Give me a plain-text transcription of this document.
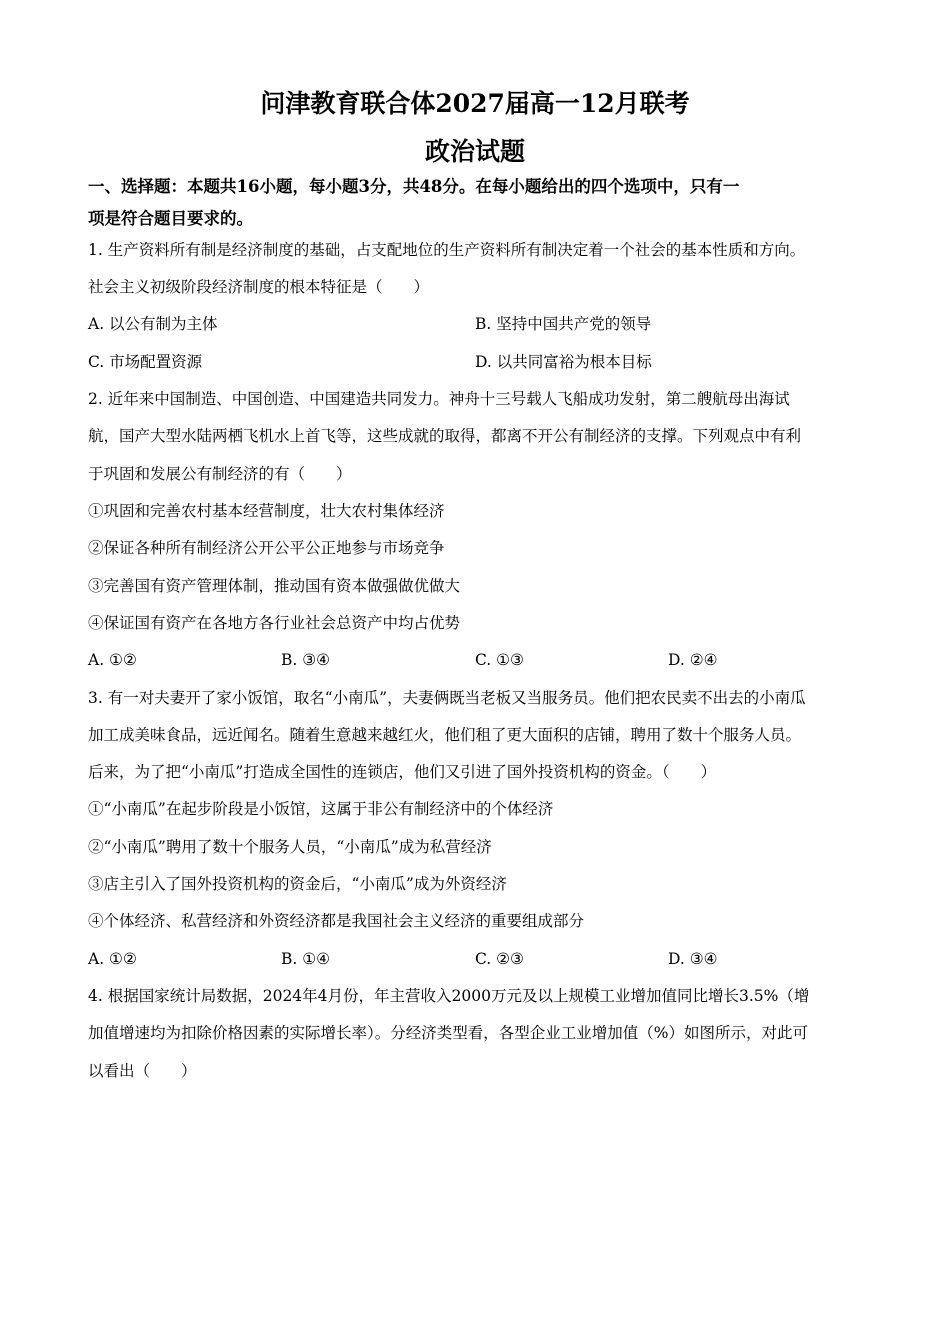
问津教育联合体2027届高一12月联考
政治试题
一、选择题：本题共16小题，每小题3分，共48分。在每小题给出的四个选项中，只有一
项是符合题目要求的。
1. 生产资料所有制是经济制度的基础，占支配地位的生产资料所有制决定着一个社会的基本性质和方向。
社会主义初级阶段经济制度的根本特征是（　　）
A. 以公有制为主体	B. 坚持中国共产党的领导
C. 市场配置资源	D. 以共同富裕为根本目标
2. 近年来中国制造、中国创造、中国建造共同发力。神舟十三号载人飞船成功发射，第二艘航母出海试
航，国产大型水陆两栖飞机水上首飞等，这些成就的取得，都离不开公有制经济的支撑。下列观点中有利
于巩固和发展公有制经济的有（　　）
①巩固和完善农村基本经营制度，壮大农村集体经济
②保证各种所有制经济公开公平公正地参与市场竞争
③完善国有资产管理体制，推动国有资本做强做优做大
④保证国有资产在各地方各行业社会总资产中均占优势
A. ①②	B. ③④	C. ①③	D. ②④
3. 有一对夫妻开了家小饭馆，取名“小南瓜”，夫妻俩既当老板又当服务员。他们把农民卖不出去的小南瓜
加工成美味食品，远近闻名。随着生意越来越红火，他们租了更大面积的店铺，聘用了数十个服务人员。
后来，为了把“小南瓜”打造成全国性的连锁店，他们又引进了国外投资机构的资金。（　　）
①“小南瓜”在起步阶段是小饭馆，这属于非公有制经济中的个体经济
②“小南瓜”聘用了数十个服务人员，“小南瓜”成为私营经济
③店主引入了国外投资机构的资金后，“小南瓜”成为外资经济
④个体经济、私营经济和外资经济都是我国社会主义经济的重要组成部分
A. ①②	B. ①④	C. ②③	D. ③④
4. 根据国家统计局数据，2024年4月份，年主营收入2000万元及以上规模工业增加值同比增长3.5%（增
加值增速均为扣除价格因素的实际增长率）。分经济类型看，各型企业工业增加值（%）如图所示，对此可
以看出（　　）
